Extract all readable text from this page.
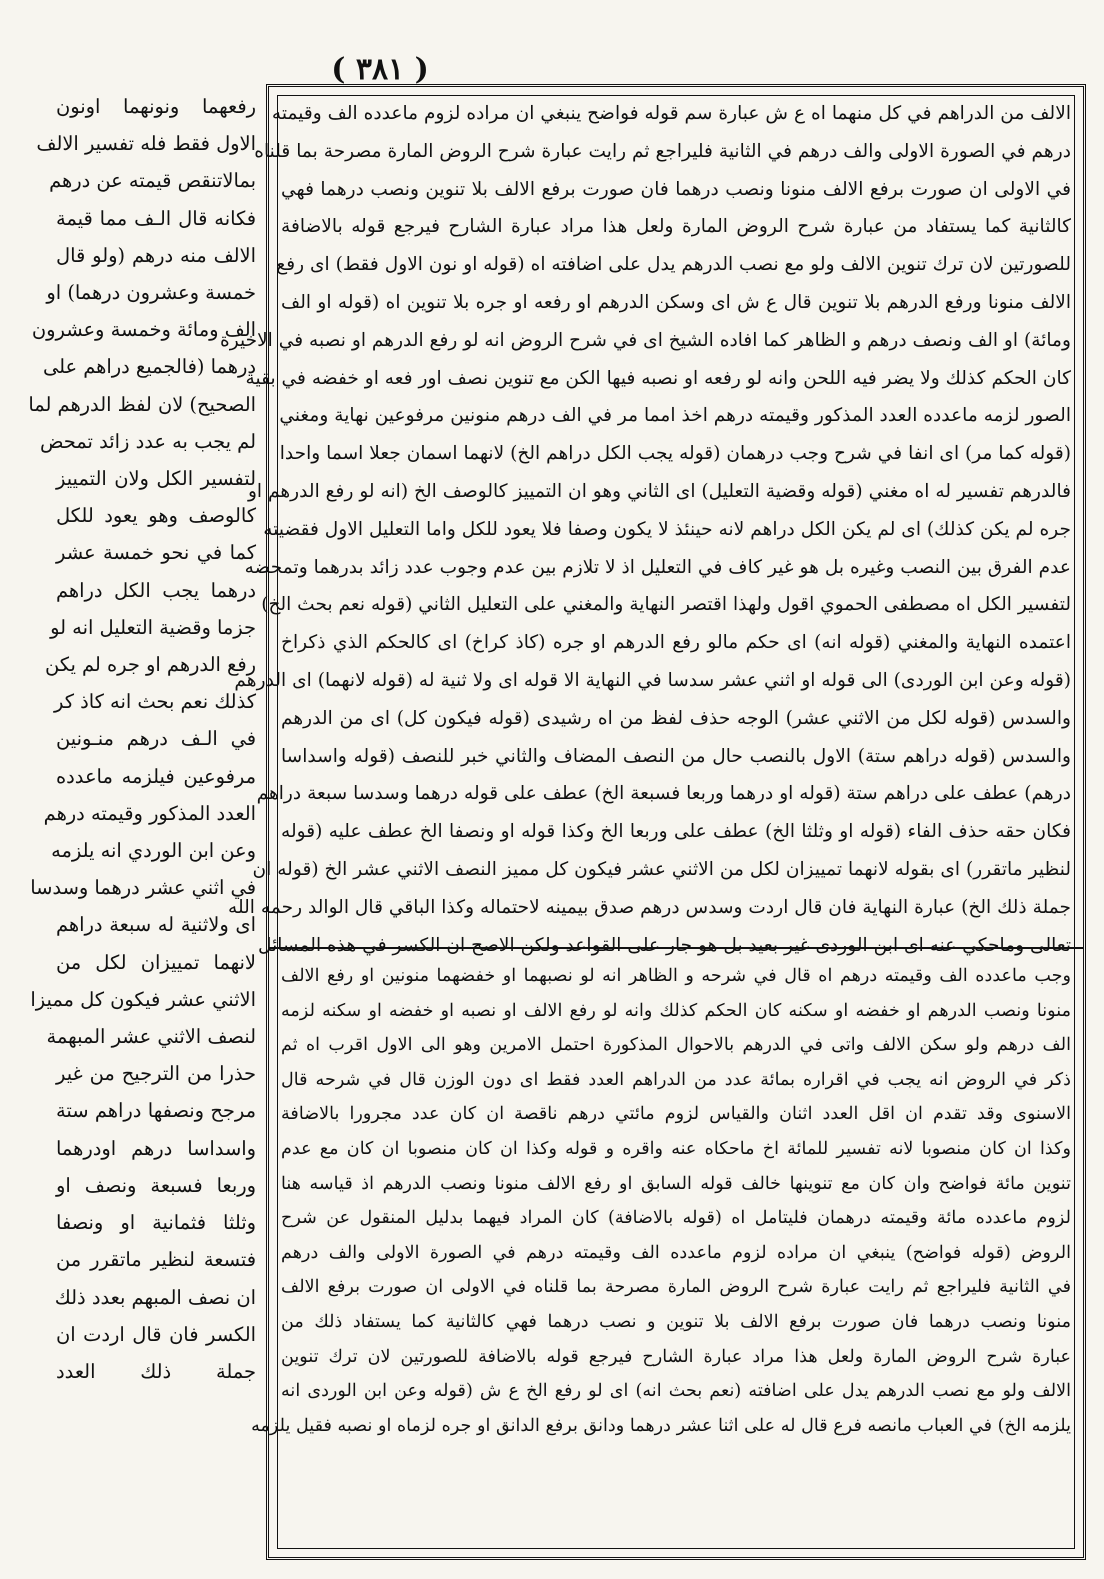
( ٣٨١ )
رفعهما ونونهما اونون
الاول فقط فله تفسير الالف
بمالاتنقص قيمته عن درهم
فكانه قال الـف مما قيمة
الالف منه درهم (ولو قال
خمسة وعشرون درهما) او
الف ومائة وخمسة وعشرون
درهما (فالجميع دراهم على
الصحيح) لان لفظ الدرهم لما
لم يجب به عدد زائد تمحض
لتفسير الكل ولان التمييز
كالوصف وهو يعود للكل
كما في نحو خمسة عشر
درهما يجب الكل دراهم
جزما وقضية التعليل انه لو
رفع الدرهم او جره لم يكن
كذلك نعم بحث انه كاذ كر
في الـف درهم منـونين
مرفوعين فيلزمه ماعدده
العدد المذكور وقيمته درهم
وعن ابن الوردي انه يلزمه
في اثني عشر درهما وسدسا
اى ولاثنية له سبعة دراهم
لانهما تمييزان لكل من
الاثني عشر فيكون كل مميزا
لنصف الاثني عشر المبهمة
حذرا من الترجيح من غير
مرجح ونصفها دراهم ستة
واسداسا درهم اودرهما
وربعا فسبعة ونصف او
وثلثا فثمانية او ونصفا
فتسعة لنظير ماتقرر من
ان نصف المبهم بعدد ذلك
الكسر فان قال اردت ان
جملة ذلك العدد
الالف من الدراهم في كل منهما اه ع ش عبارة سم قوله فواضح ينبغي ان مراده لزوم ماعدده الف وقيمته
درهم في الصورة الاولى والف درهم في الثانية فليراجع ثم رايت عبارة شرح الروض المارة مصرحة بما قلناه
في الاولى ان صورت برفع الالف منونا ونصب درهما فان صورت برفع الالف بلا تنوين ونصب درهما فهي
كالثانية كما يستفاد من عبارة شرح الروض المارة ولعل هذا مراد عبارة الشارح فيرجع قوله بالاضافة
للصورتين لان ترك تنوين الالف ولو مع نصب الدرهم يدل على اضافته اه (قوله او نون الاول فقط) اى رفع
الالف منونا ورفع الدرهم بلا تنوين قال ع ش اى وسكن الدرهم او رفعه او جره بلا تنوين اه (قوله او الف
ومائة) او الف ونصف درهم و الظاهر كما افاده الشيخ اى في شرح الروض انه لو رفع الدرهم او نصبه في الاخيرة
كان الحكم كذلك ولا يضر فيه اللحن وانه لو رفعه او نصبه فيها الكن مع تنوين نصف اور فعه او خفضه في بقية
الصور لزمه ماعدده العدد المذكور وقيمته درهم اخذ امما مر في الف درهم منونين مرفوعين نهاية ومغني
(قوله كما مر) اى انفا في شرح وجب درهمان (قوله يجب الكل دراهم الخ) لانهما اسمان جعلا اسما واحدا
فالدرهم تفسير له اه مغني (قوله وقضية التعليل) اى الثاني وهو ان التمييز كالوصف الخ (انه لو رفع الدرهم او
جره لم يكن كذلك) اى لم يكن الكل دراهم لانه حينئذ لا يكون وصفا فلا يعود للكل واما التعليل الاول فقضيته
عدم الفرق بين النصب وغيره بل هو غير كاف في التعليل اذ لا تلازم بين عدم وجوب عدد زائد بدرهما وتمحضه
لتفسير الكل اه مصطفى الحموي اقول ولهذا اقتصر النهاية والمغني على التعليل الثاني (قوله نعم بحث الخ)
اعتمده النهاية والمغني (قوله انه) اى حكم مالو رفع الدرهم او جره (كاذ كراخ) اى كالحكم الذي ذكراخ
(قوله وعن ابن الوردى) الى قوله او اثني عشر سدسا في النهاية الا قوله اى ولا ثنية له (قوله لانهما) اى الدرهم
والسدس (قوله لكل من الاثني عشر) الوجه حذف لفظ من اه رشيدى (قوله فيكون كل) اى من الدرهم
والسدس (قوله دراهم ستة) الاول بالنصب حال من النصف المضاف والثاني خبر للنصف (قوله واسداسا
درهم) عطف على دراهم ستة (قوله او درهما وربعا فسبعة الخ) عطف على قوله درهما وسدسا سبعة دراهم
فكان حقه حذف الفاء (قوله او وثلثا الخ) عطف على وربعا الخ وكذا قوله او ونصفا الخ عطف عليه (قوله
لنظير ماتقرر) اى بقوله لانهما تمييزان لكل من الاثني عشر فيكون كل مميز النصف الاثني عشر الخ (قوله ان
جملة ذلك الخ) عبارة النهاية فان قال اردت وسدس درهم صدق بيمينه لاحتماله وكذا الباقي قال الوالد رحمه الله
تعالى وماحكي عنه اى ابن الوردى غير بعيد بل هو جار على القواعد ولكن الاصح ان الكسر في هذه المسائل
وجب ماعدده الف وقيمته درهم اه قال في شرحه و الظاهر انه لو نصبهما او خفضهما منونين او رفع الالف
منونا ونصب الدرهم او خفضه او سكنه كان الحكم كذلك وانه لو رفع الالف او نصبه او خفضه او سكنه لزمه
الف درهم ولو سكن الالف واتى في الدرهم بالاحوال المذكورة احتمل الامرين وهو الى الاول اقرب اه ثم
ذكر في الروض انه يجب في اقراره بمائة عدد من الدراهم العدد فقط اى دون الوزن قال في شرحه قال
الاسنوى وقد تقدم ان اقل العدد اثنان والقياس لزوم مائتي درهم ناقصة ان كان عدد مجرورا بالاضافة
وكذا ان كان منصوبا لانه تفسير للمائة اخ ماحكاه عنه واقره و قوله وكذا ان كان منصوبا ان كان مع عدم
تنوين مائة فواضح وان كان مع تنوينها خالف قوله السابق او رفع الالف منونا ونصب الدرهم اذ قياسه هنا
لزوم ماعدده مائة وقيمته درهمان فليتامل اه (قوله بالاضافة) كان المراد فيهما بدليل المنقول عن شرح
الروض (قوله فواضح) ينبغي ان مراده لزوم ماعدده الف وقيمته درهم في الصورة الاولى والف درهم
في الثانية فليراجع ثم رايت عبارة شرح الروض المارة مصرحة بما قلناه في الاولى ان صورت برفع الالف
منونا ونصب درهما فان صورت برفع الالف بلا تنوين و نصب درهما فهي كالثانية كما يستفاد ذلك من
عبارة شرح الروض المارة ولعل هذا مراد عبارة الشارح فيرجع قوله بالاضافة للصورتين لان ترك تنوين
الالف ولو مع نصب الدرهم يدل على اضافته (نعم بحث انه) اى لو رفع الخ ع ش (قوله وعن ابن الوردى انه
يلزمه الخ) في العباب مانصه فرع قال له على اثنا عشر درهما ودانق برفع الدانق او جره لزماه او نصبه فقيل يلزمه
